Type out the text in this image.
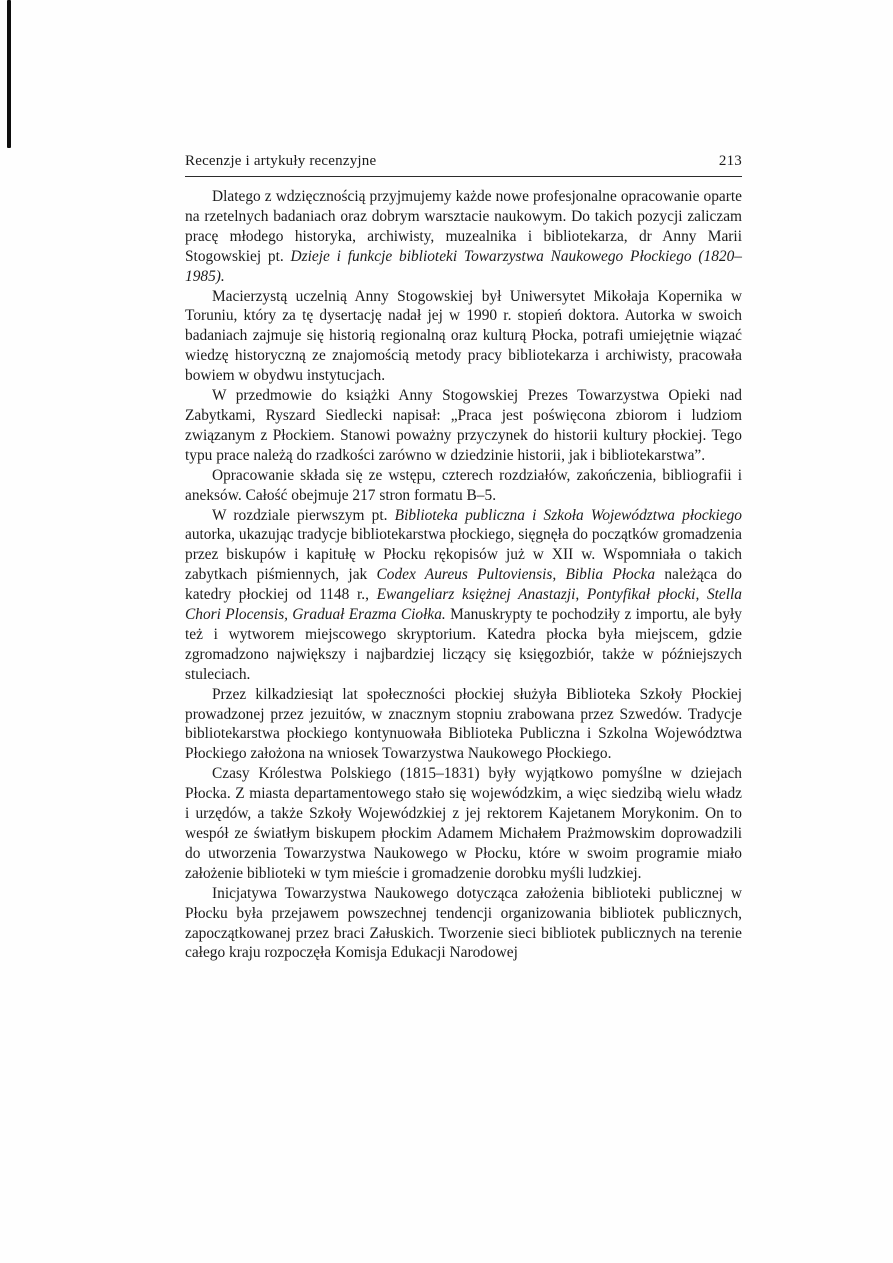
Recenzje i artykuły recenzyjne	213

Dlatego z wdzięcznością przyjmujemy każde nowe profesjonalne opracowanie oparte na rzetelnych badaniach oraz dobrym warsztacie naukowym. Do takich pozycji zaliczam pracę młodego historyka, archiwisty, muzealnika i bibliotekarza, dr Anny Marii Stogowskiej pt. Dzieje i funkcje biblioteki Towarzystwa Naukowego Płockiego (1820–1985).

Macierzystą uczelnią Anny Stogowskiej był Uniwersytet Mikołaja Kopernika w Toruniu, który za tę dysertację nadał jej w 1990 r. stopień doktora. Autorka w swoich badaniach zajmuje się historią regionalną oraz kulturą Płocka, potrafi umiejętnie wiązać wiedzę historyczną ze znajomością metody pracy bibliotekarza i archiwisty, pracowała bowiem w obydwu instytucjach.

W przedmowie do książki Anny Stogowskiej Prezes Towarzystwa Opieki nad Zabytkami, Ryszard Siedlecki napisał: „Praca jest poświęcona zbiorom i ludziom związanym z Płockiem. Stanowi poważny przyczynek do historii kultury płockiej. Tego typu prace należą do rzadkości zarówno w dziedzinie historii, jak i bibliotekarstwa”.

Opracowanie składa się ze wstępu, czterech rozdziałów, zakończenia, bibliografii i aneksów. Całość obejmuje 217 stron formatu B–5.

W rozdziale pierwszym pt. Biblioteka publiczna i Szkoła Województwa płockiego autorka, ukazując tradycje bibliotekarstwa płockiego, sięgnęła do początków gromadzenia przez biskupów i kapitułę w Płocku rękopisów już w XII w. Wspomniała o takich zabytkach piśmiennych, jak Codex Aureus Pultoviensis, Biblia Płocka należąca do katedry płockiej od 1148 r., Ewangeliarz księżnej Anastazji, Pontyfikał płocki, Stella Chori Plocensis, Graduał Erazma Ciołka. Manuskrypty te pochodziły z importu, ale były też i wytworem miejscowego skryptorium. Katedra płocka była miejscem, gdzie zgromadzono największy i najbardziej liczący się księgozbiór, także w późniejszych stuleciach.

Przez kilkadziesiąt lat społeczności płockiej służyła Biblioteka Szkoły Płockiej prowadzonej przez jezuitów, w znacznym stopniu zrabowana przez Szwedów. Tradycje bibliotekarstwa płockiego kontynuowała Biblioteka Publiczna i Szkolna Województwa Płockiego założona na wniosek Towarzystwa Naukowego Płockiego.

Czasy Królestwa Polskiego (1815–1831) były wyjątkowo pomyślne w dziejach Płocka. Z miasta departamentowego stało się wojewódzkim, a więc siedzibą wielu władz i urzędów, a także Szkoły Wojewódzkiej z jej rektorem Kajetanem Morykonim. On to wespół ze światłym biskupem płockim Adamem Michałem Prażmowskim doprowadzili do utworzenia Towarzystwa Naukowego w Płocku, które w swoim programie miało założenie biblioteki w tym mieście i gromadzenie dorobku myśli ludzkiej.

Inicjatywa Towarzystwa Naukowego dotycząca założenia biblioteki publicznej w Płocku była przejawem powszechnej tendencji organizowania bibliotek publicznych, zapoczątkowanej przez braci Załuskich. Tworzenie sieci bibliotek publicznych na terenie całego kraju rozpoczęła Komisja Edukacji Narodowej
